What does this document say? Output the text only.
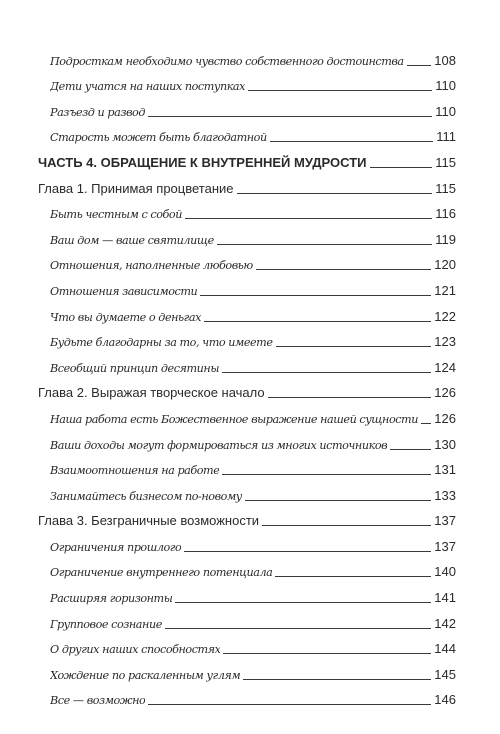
Подросткам необходимо чувство собственного достоинства 108
Дети учатся на наших поступках	110
Разъезд и развод	110
Старость может быть благодатной	111
ЧАСТЬ 4. ОБРАЩЕНИЕ К ВНУТРЕННЕЙ МУДРОСТИ	115
Глава 1. Принимая процветание	115
Быть честным с собой	116
Ваш дом — ваше святилище	119
Отношения, наполненные любовью	120
Отношения зависимости	121
Что вы думаете о деньгах	122
Будьте благодарны за то, что имеете	123
Всеобщий принцип десятины	124
Глава 2. Выражая творческое начало	126
Наша работа есть Божественное выражение нашей сущности 126
Ваши доходы могут формироваться из многих источников	130
Взаимоотношения на работе	131
Занимайтесь бизнесом по-новому	133
Глава 3. Безграничные возможности	137
Ограничения прошлого	137
Ограничение внутреннего потенциала	140
Расширяя горизонты	141
Групповое сознание	142
О других наших способностях	144
Хождение по раскаленным углям	145
Все — возможно	146
